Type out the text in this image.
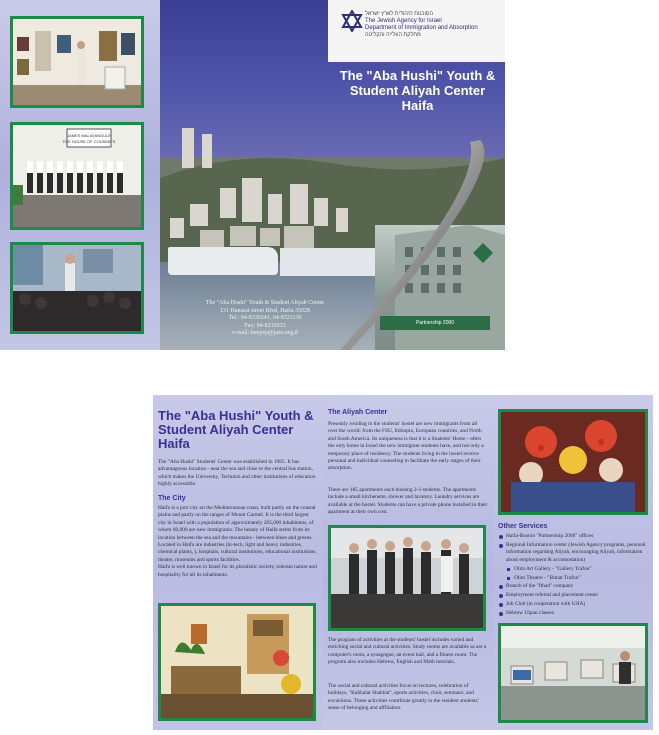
JAMES MALAYANGULE
THE HOUSE OF COUSINE'S
Partnership 2000
הסוכנות היהודית לארץ ישראל
The Jewish Agency for Israel
Department of Immigration and Absorption
מחלקת העלייה והקליטה
The "Aba Hushi" Youth & Student Aliyah Center Haifa
The "Aba Hushi" Youth & Student Aliyah Center
131 Hanassi street Blvd, Haifa 35028
Tel.: 04-8330241, 04-8321130
Fax: 04-8310533
e-mail: benyep@jazo.org.il
The "Aba Hushi" Youth & Student Aliyah Center Haifa
The "Aba Hushi" Students' Center was established in 1965. It has advantageous location - near the sea and close to the central bus station, which makes the University, Technion and other institutions of education highly accessible.
The City

Haifa is a port city on the Mediterranean coast, built partly on the coastal plains and partly on the ranges of Mount Carmel. It is the third largest city in Israel with a population of approximately 265,000 inhabitants, of whom 60,000 are new immigrants. The beauty of Haifa stems from its location between the sea and the mountains - between blues and greens.

Located in Haifa are industries (hi-tech, light and heavy industries, chemical plants, ), hospitals, cultural institutions, educational institutions, theater, museums and sports facilities.

Haifa is well known in Israel for its pluralistic society, tolerant nature and hospitality for all its inhabitants.

The Aliyah Center
Presently residing in the students' hostel are new immigrants from all over the world: from the FSU, Ethiopia, European countries, and North and South America. Its uniqueness is that it is a Students' Home - often the only home in Israel the new immigrant students have, and not only a temporary place of residency. The students living in the hostel receive personal and individual counseling to facilitate the early stages of their absorption.
There are 185 apartments each housing 2-3 students. The apartments include a small kitchenette, shower and lavatory. Laundry services are available at the hostel. Students can have a private phone installed in their apartment at their own cost.
The program of activities at the students' hostel includes varied and enriching social and cultural activities. Study rooms are available as are a computer's room, a synagogue, an event hall, and a fitness room. The program also includes Hebrew, English and Math tutorials.
The social and cultural activities focus on lectures, celebration of holidays, "Kabbalat Shabbat", sports activities, choir, seminars, and excursions. These activities contribute greatly to the resident students' sense of belonging and affiliation.
Other Services
Haifa-Boston "Partnership 2000" offices
Regional Information center (Jewish Agency programs, personal information regarding Aliyah, encouraging Aliyah, information about employment & accomodation)
Olim Art Gallery - "Gallery Trafon"
Olim Theatre - "Bimat Trafon"
Branch of the "Ithad" company
Employment referral and placement center
Job Club (in cooperation with UJIA)
Hebrew Ulpan classes
